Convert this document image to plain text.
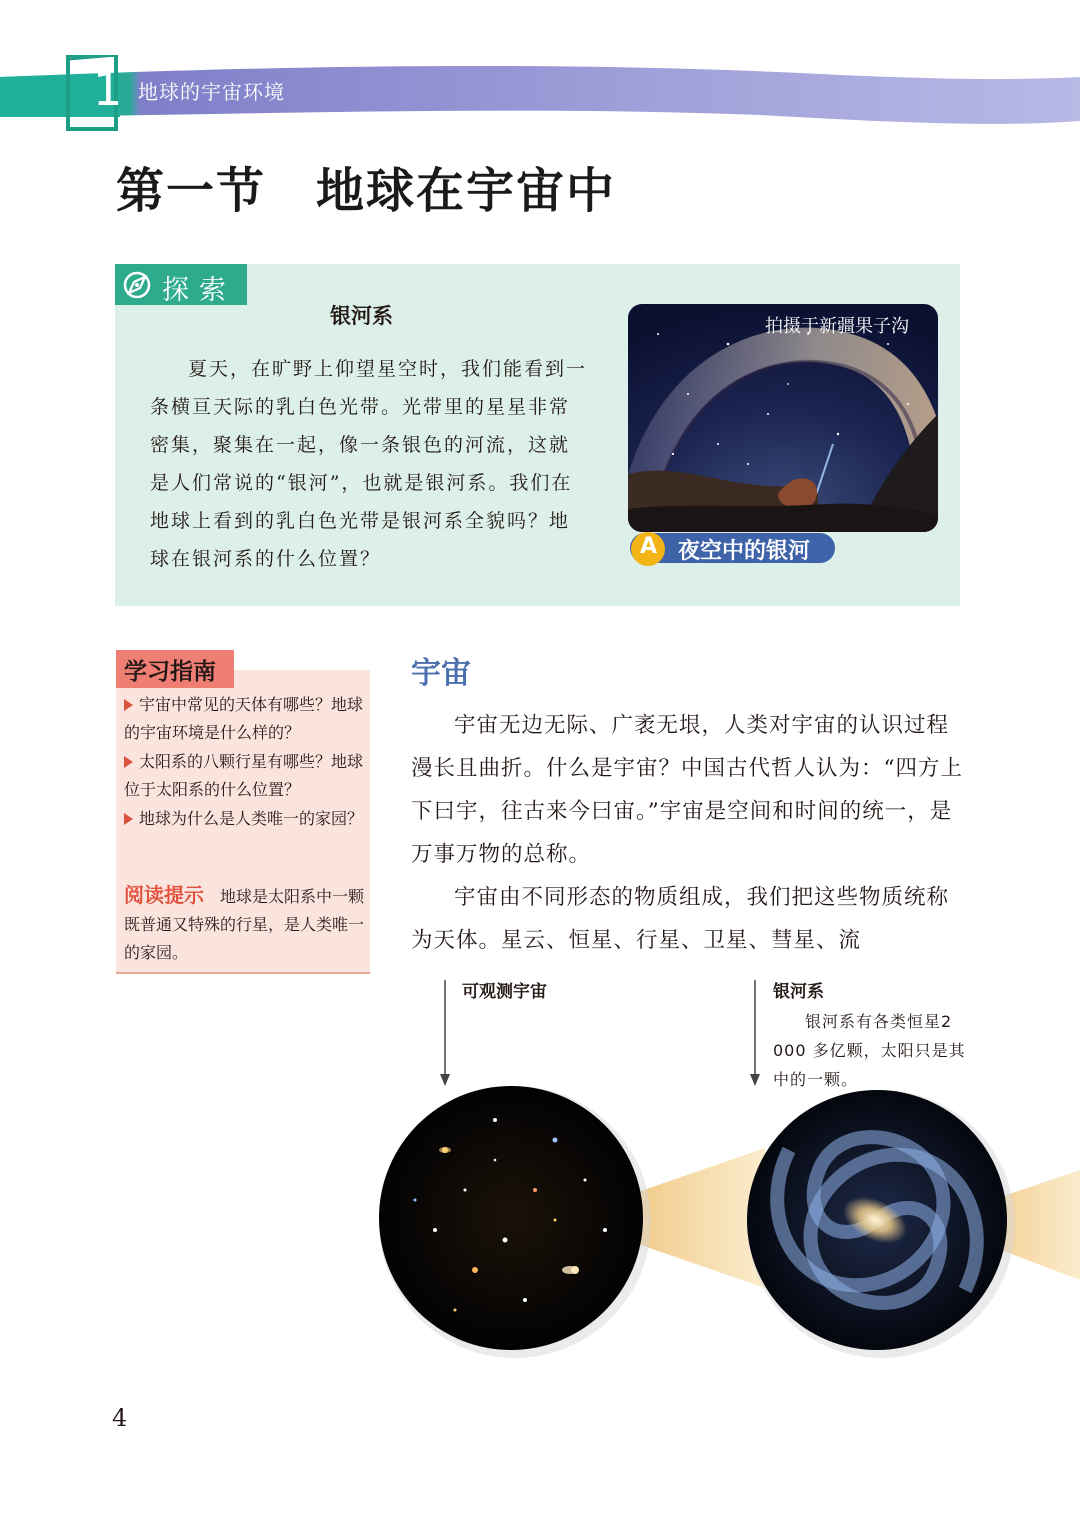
1 地球的宇宙环境
第一节　地球在宇宙中
探索
银河系

夏天，在旷野上仰望星空时，我们能看到一条横亘天际的乳白色光带。光带里的星星非常密集，聚集在一起，像一条银色的河流，这就是人们常说的“银河”，也就是银河系。我们在地球上看到的乳白色光带是银河系全貌吗？地球在银河系的什么位置？

拍摄于新疆果子沟
A 夜空中的银河
学习指南
宇宙中常见的天体有哪些？地球的宇宙环境是什么样的？
太阳系的八颗行星有哪些？地球位于太阳系的什么位置？
地球为什么是人类唯一的家园？
阅读提示 地球是太阳系中一颗既普通又特殊的行星，是人类唯一的家园。
宇宙

宇宙无边无际、广袤无垠，人类对宇宙的认识过程漫长且曲折。什么是宇宙？中国古代哲人认为：“四方上下曰宇，往古来今曰宙。”宇宙是空间和时间的统一，是万事万物的总称。

宇宙由不同形态的物质组成，我们把这些物质统称为天体。星云、恒星、行星、卫星、彗星、流

可观测宇宙	银河系

银河系有各类恒星2 000 多亿颗，太阳只是其中的一颗。

4
